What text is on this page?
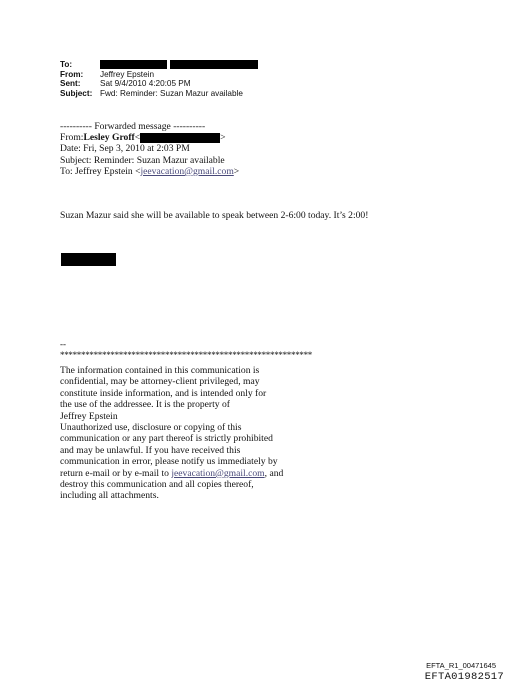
To:
From:	Jeffrey Epstein
Sent:	Sat 9/4/2010 4:20:05 PM
Subject: Fwd: Reminder: Suzan Mazur available
---------- Forwarded message ----------
From: Lesley Groff <	>
Date: Fri, Sep 3, 2010 at 2:03 PM
Subject: Reminder: Suzan Mazur available
To: Jeffrey Epstein < jeevacation@gmail.com >
Suzan Mazur said she will be available to speak between 2-6:00 today. It’s 2:00!
--
************************************************************
The information contained in this communication is
confidential, may be attorney-client privileged, may
constitute inside information, and is intended only for
the use of the addressee. It is the property of
Jeffrey Epstein
Unauthorized use, disclosure or copying of this
communication or any part thereof is strictly prohibited
and may be unlawful. If you have received this
communication in error, please notify us immediately by
return e-mail or by e-mail to jeevacation@gmail.com, and
destroy this communication and all copies thereof,
including all attachments.
EFTA_R1_00471645
EFTA01982517
